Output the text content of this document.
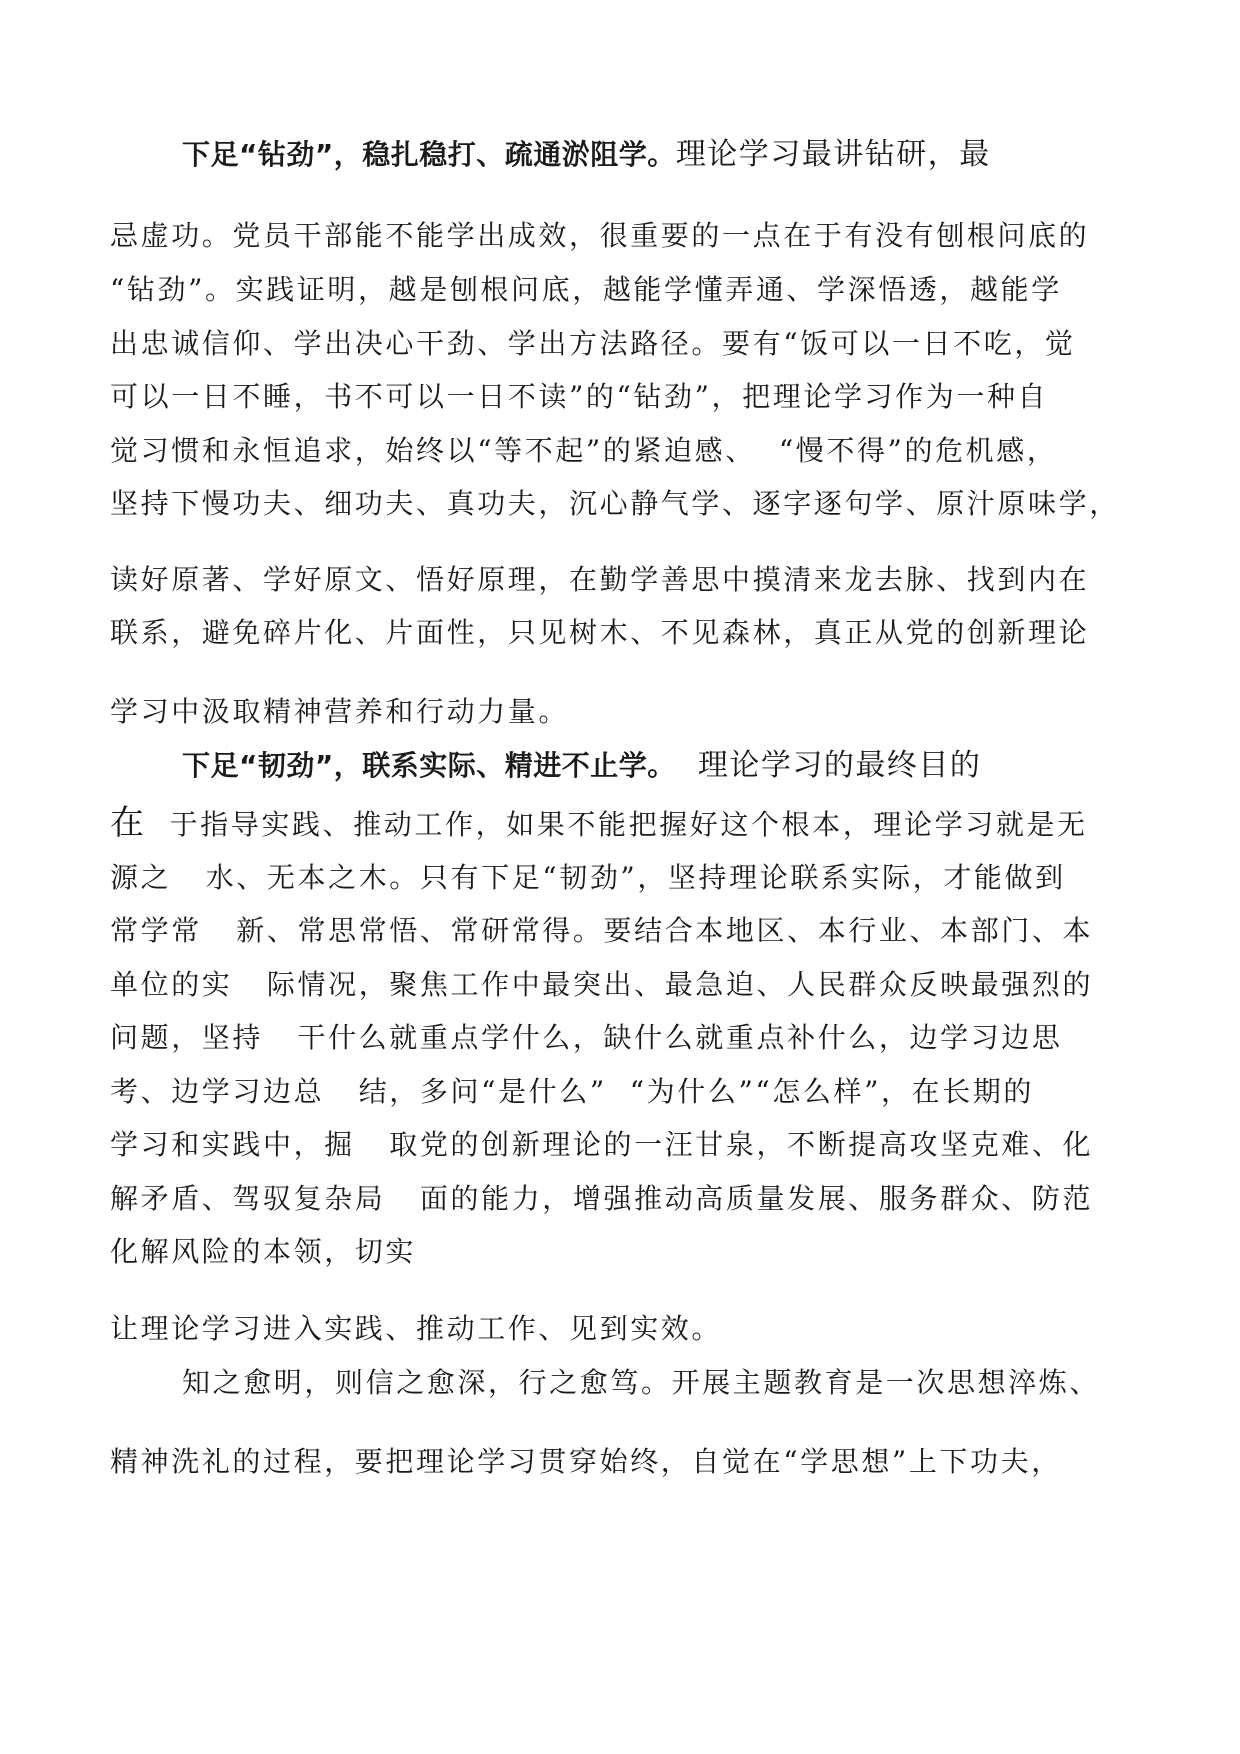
下足“钻劲”，稳扎稳打、疏通淤阻学。理论学习最讲钻研，最
忌虚功。党员干部能不能学出成效，很重要的一点在于有没有刨根问底的
“钻劲”。实践证明，越是刨根问底，越能学懂弄通、学深悟透，越能学
出忠诚信仰、学出决心干劲、学出方法路径。要有“饭可以一日不吃，觉
可以一日不睡，书不可以一日不读”的“钻劲”，把理论学习作为一种自
觉习惯和永恒追求，始终以“等不起”的紧迫感、  “慢不得”的危机感，
坚持下慢功夫、细功夫、真功夫，沉心静气学、逐字逐句学、原汁原味学，
读好原著、学好原文、悟好原理，在勤学善思中摸清来龙去脉、找到内在
联系，避免碎片化、片面性，只见树木、不见森林，真正从党的创新理论
学习中汲取精神营养和行动力量。
下足“韧劲”，联系实际、精进不止学。  理论学习的最终目的
在  于指导实践、推动工作，如果不能把握好这个根本，理论学习就是无
源之   水、无本之木。只有下足“韧劲”，坚持理论联系实际，才能做到
常学常   新、常思常悟、常研常得。要结合本地区、本行业、本部门、本
单位的实   际情况，聚焦工作中最突出、最急迫、人民群众反映最强烈的
问题，坚持   干什么就重点学什么，缺什么就重点补什么，边学习边思
考、边学习边总   结，多问“是什么”  “为什么”“怎么样”，在长期的
学习和实践中，掘   取党的创新理论的一汪甘泉，不断提高攻坚克难、化
解矛盾、驾驭复杂局   面的能力，增强推动高质量发展、服务群众、防范
化解风险的本领，切实
让理论学习进入实践、推动工作、见到实效。
知之愈明，则信之愈深，行之愈笃。开展主题教育是一次思想淬炼、
精神洗礼的过程，要把理论学习贯穿始终，自觉在“学思想”上下功夫，
